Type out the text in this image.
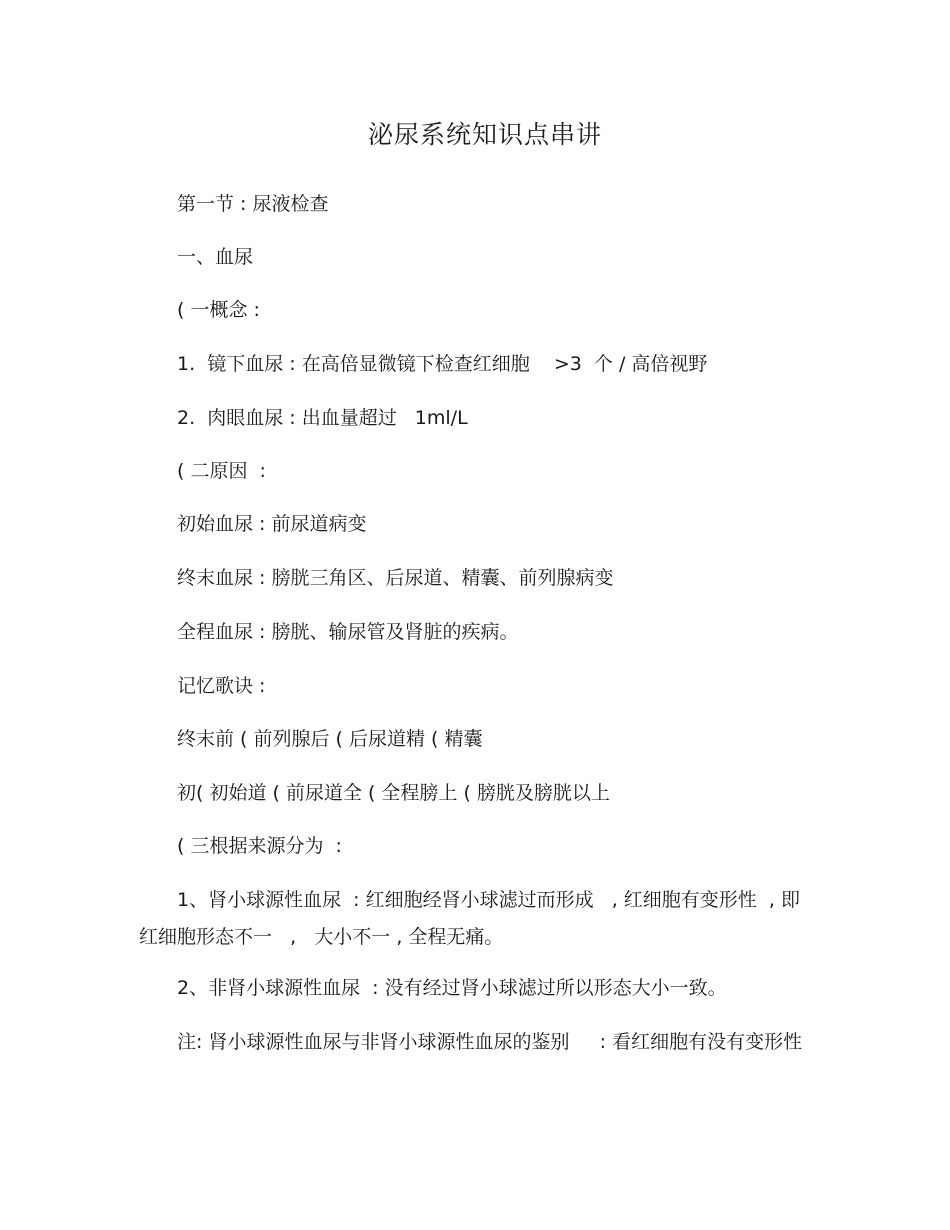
泌尿系统知识点串讲
第一节 : 尿液检查
一、血尿
( 一概念 :
1.  镜下血尿 : 在高倍显微镜下检查红细胞    >3  个 / 高倍视野
2.  肉眼血尿 : 出血量超过   1ml/L
( 二原因  :
初始血尿 : 前尿道病变
终末血尿 : 膀胱三角区、后尿道、精囊、前列腺病变
全程血尿 : 膀胱、输尿管及肾脏的疾病。
记忆歌诀 :
终末前 ( 前列腺后 ( 后尿道精 ( 精囊
初( 初始道 ( 前尿道全 ( 全程膀上 ( 膀胱及膀胱以上
( 三根据来源分为  :
1、肾小球源性血尿  : 红细胞经肾小球滤过而形成   , 红细胞有变形性  , 即红细胞形态不一   ,   大小不一 , 全程无痛。
2、非肾小球源性血尿  : 没有经过肾小球滤过所以形态大小一致。
注: 肾小球源性血尿与非肾小球源性血尿的鉴别     : 看红细胞有没有变形性
